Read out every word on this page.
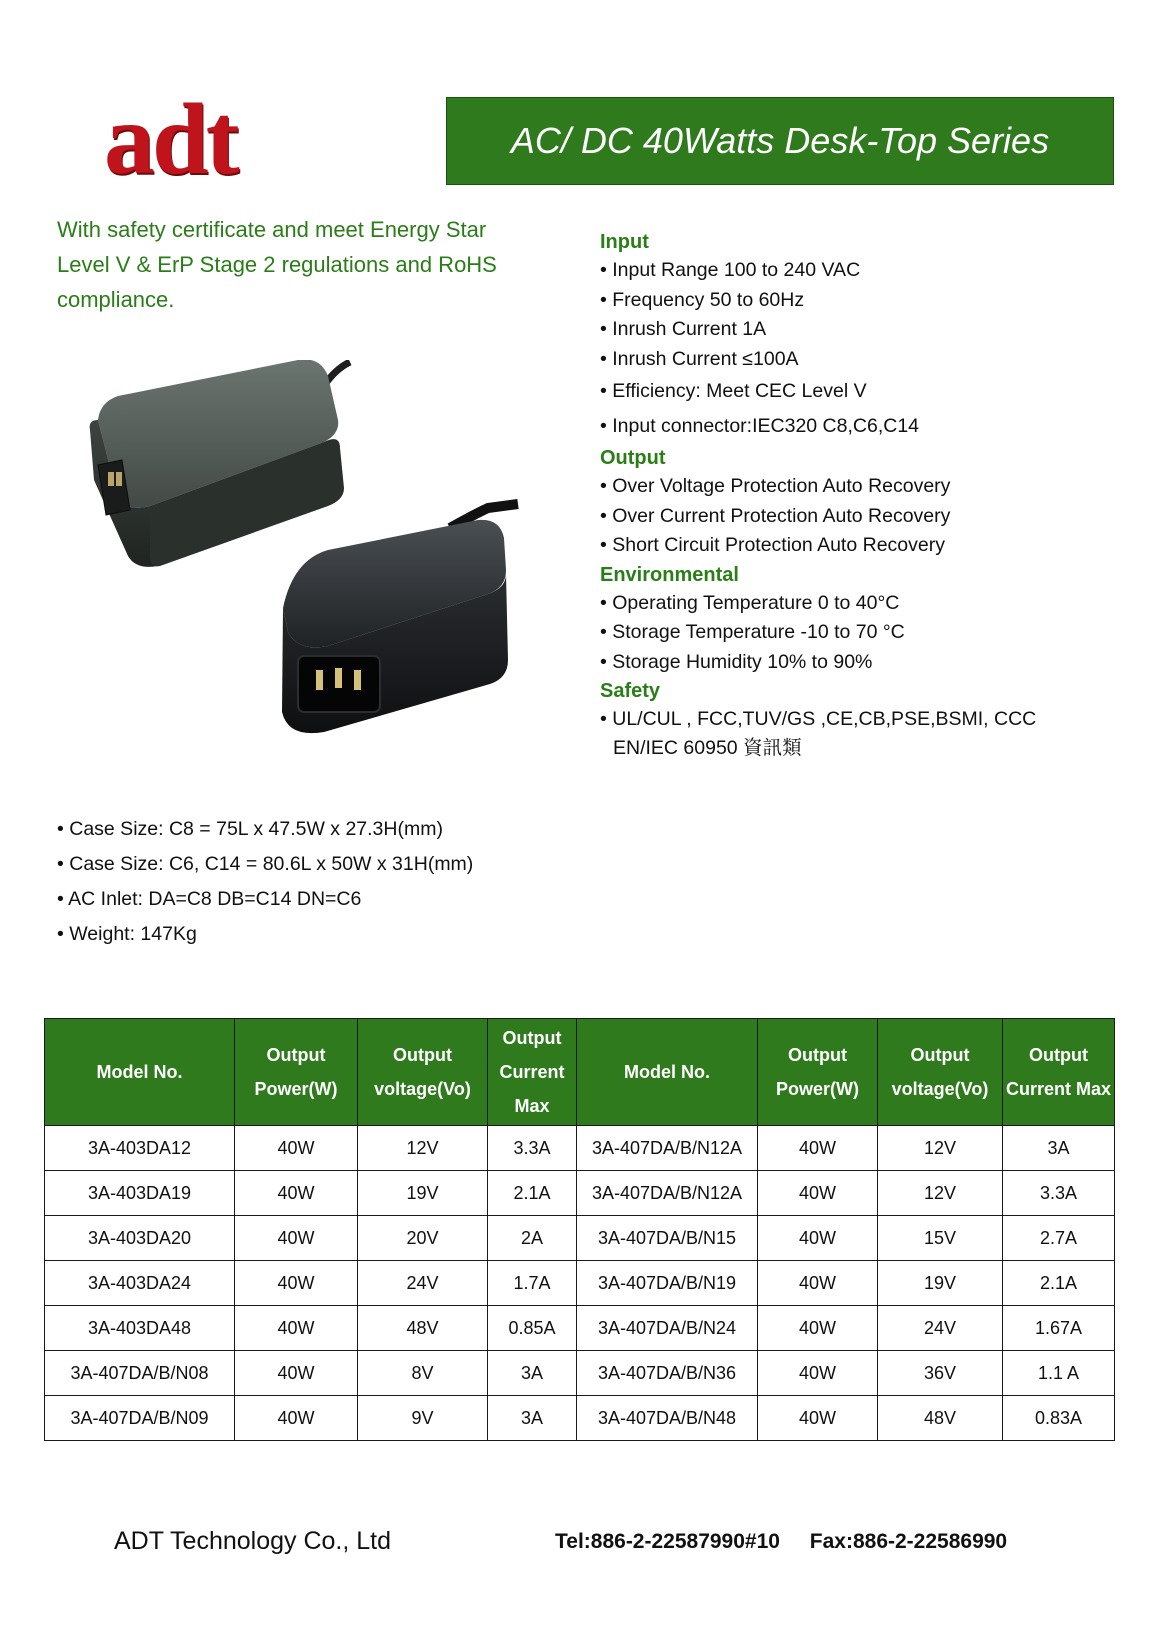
adt	AC/ DC 40Watts Desk-Top Series
With safety certificate and meet Energy Star Level V & ErP Stage 2 regulations and RoHS compliance.
Input
• Input Range 100 to 240 VAC
• Frequency 50 to 60Hz
• Inrush Current 1A
• Inrush Current ≤100A
• Efficiency: Meet CEC Level V
• Input connector:IEC320 C8,C6,C14
Output
• Over Voltage Protection Auto Recovery
• Over Current Protection Auto Recovery
• Short Circuit Protection Auto Recovery
Environmental
• Operating Temperature 0 to 40°C
• Storage Temperature -10 to 70 °C
• Storage Humidity 10% to 90%
Safety
• UL/CUL , FCC,TUV/GS ,CE,CB,PSE,BSMI, CCC
EN/IEC 60950 資訊類
• Case Size: C8 = 75L x 47.5W x 27.3H(mm)
• Case Size: C6, C14 = 80.6L x 50W x 31H(mm)
• AC Inlet: DA=C8 DB=C14 DN=C6
• Weight: 147Kg
Model No.	Output Power(W)	Output voltage(Vo)	Output Current Max	Model No.	Output Power(W)	Output voltage(Vo)	Output Current Max
3A-403DA12	40W	12V	3.3A	3A-407DA/B/N12A	40W	12V	3A
3A-403DA19	40W	19V	2.1A	3A-407DA/B/N12A	40W	12V	3.3A
3A-403DA20	40W	20V	2A	3A-407DA/B/N15	40W	15V	2.7A
3A-403DA24	40W	24V	1.7A	3A-407DA/B/N19	40W	19V	2.1A
3A-403DA48	40W	48V	0.85A	3A-407DA/B/N24	40W	24V	1.67A
3A-407DA/B/N08	40W	8V	3A	3A-407DA/B/N36	40W	36V	1.1 A
3A-407DA/B/N09	40W	9V	3A	3A-407DA/B/N48	40W	48V	0.83A
ADT Technology Co., Ltd	Tel:886-2-22587990#10 Fax:886-2-22586990
